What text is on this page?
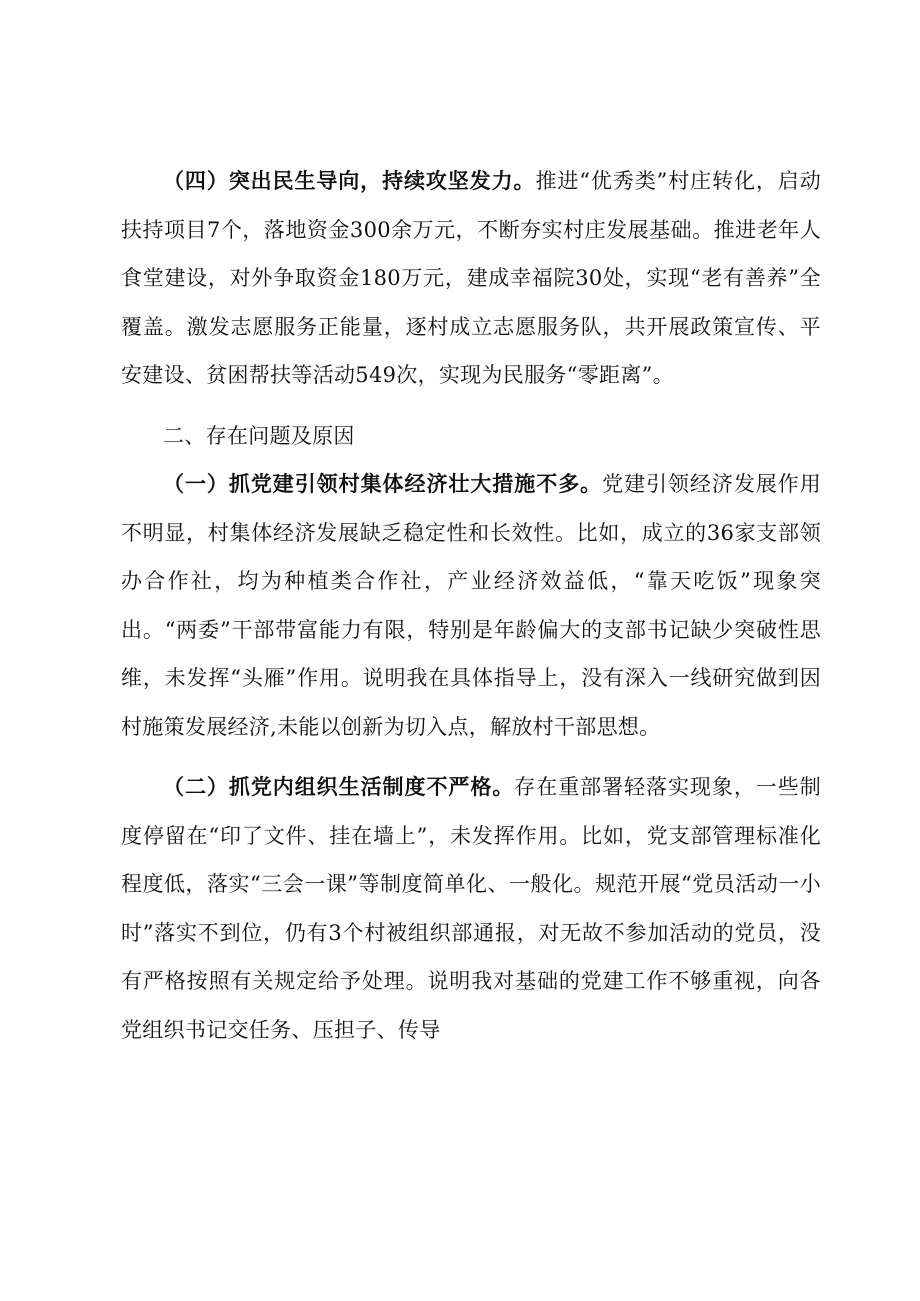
（四）突出民生导向，持续攻坚发力。推进“优秀类”村庄转化，启动扶持项目7个，落地资金300余万元，不断夯实村庄发展基础。推进老年人食堂建设，对外争取资金180万元，建成幸福院30处，实现“老有善养”全覆盖。激发志愿服务正能量，逐村成立志愿服务队，共开展政策宣传、平安建设、贫困帮扶等活动549次，实现为民服务“零距离”。

二、存在问题及原因

（一）抓党建引领村集体经济壮大措施不多。党建引领经济发展作用不明显，村集体经济发展缺乏稳定性和长效性。比如，成立的36家支部领办合作社，均为种植类合作社，产业经济效益低，“靠天吃饭”现象突出。“两委”干部带富能力有限，特别是年龄偏大的支部书记缺少突破性思维，未发挥“头雁”作用。说明我在具体指导上，没有深入一线研究做到因村施策发展经济,未能以创新为切入点，解放村干部思想。

（二）抓党内组织生活制度不严格。存在重部署轻落实现象，一些制度停留在“印了文件、挂在墙上”，未发挥作用。比如，党支部管理标准化程度低，落实“三会一课”等制度简单化、一般化。规范开展“党员活动一小时”落实不到位，仍有3个村被组织部通报，对无故不参加活动的党员，没有严格按照有关规定给予处理。说明我对基础的党建工作不够重视，向各党组织书记交任务、压担子、传导
